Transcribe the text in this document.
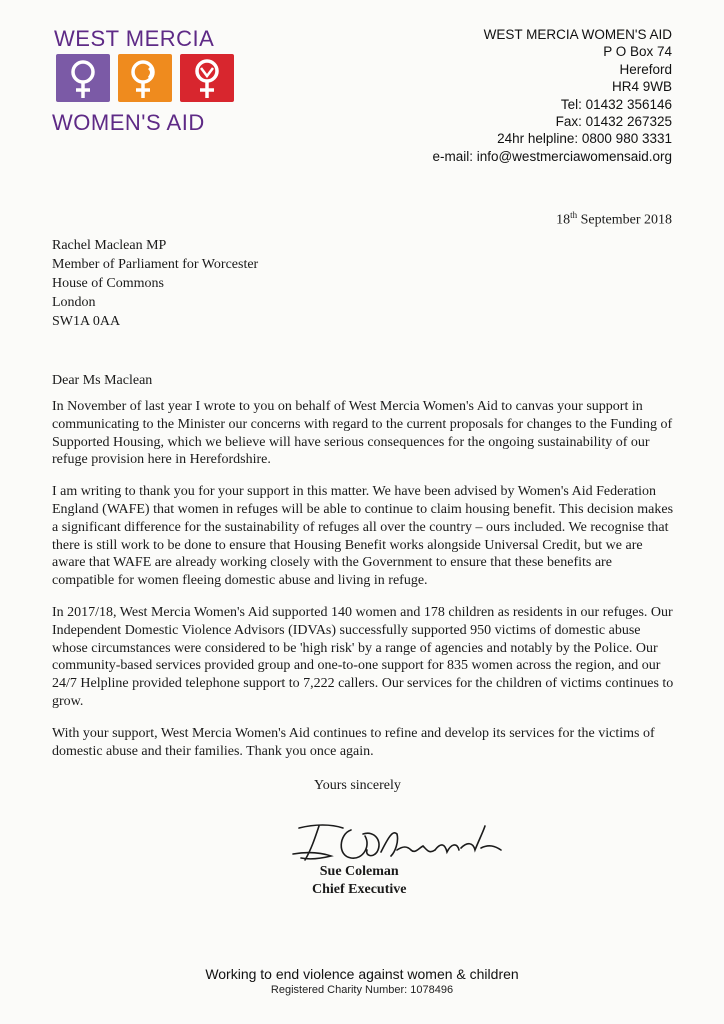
WEST MERCIA
WOMEN'S AID
WEST MERCIA WOMEN'S AID
P O Box 74
Hereford
HR4 9WB
Tel: 01432 356146
Fax: 01432 267325
24hr helpline: 0800 980 3331
e-mail: info@westmerciawomensaid.org
18th September 2018
Rachel Maclean MP
Member of Parliament for Worcester
House of Commons
London
SW1A 0AA
Dear Ms Maclean

In November of last year I wrote to you on behalf of West Mercia Women's Aid to canvas your support in communicating to the Minister our concerns with regard to the current proposals for changes to the Funding of Supported Housing, which we believe will have serious consequences for the ongoing sustainability of our refuge provision here in Herefordshire.

I am writing to thank you for your support in this matter. We have been advised by Women's Aid Federation England (WAFE) that women in refuges will be able to continue to claim housing benefit. This decision makes a significant difference for the sustainability of refuges all over the country – ours included. We recognise that there is still work to be done to ensure that Housing Benefit works alongside Universal Credit, but we are aware that WAFE are already working closely with the Government to ensure that these benefits are compatible for women fleeing domestic abuse and living in refuge.

In 2017/18, West Mercia Women's Aid supported 140 women and 178 children as residents in our refuges. Our Independent Domestic Violence Advisors (IDVAs) successfully supported 950 victims of domestic abuse whose circumstances were considered to be 'high risk' by a range of agencies and notably by the Police. Our community-based services provided group and one-to-one support for 835 women across the region, and our 24/7 Helpline provided telephone support to 7,222 callers. Our services for the children of victims continues to grow.

With your support, West Mercia Women's Aid continues to refine and develop its services for the victims of domestic abuse and their families. Thank you once again.

Yours sincerely
Sue Coleman
Chief Executive
Working to end violence against women & children
Registered Charity Number: 1078496
